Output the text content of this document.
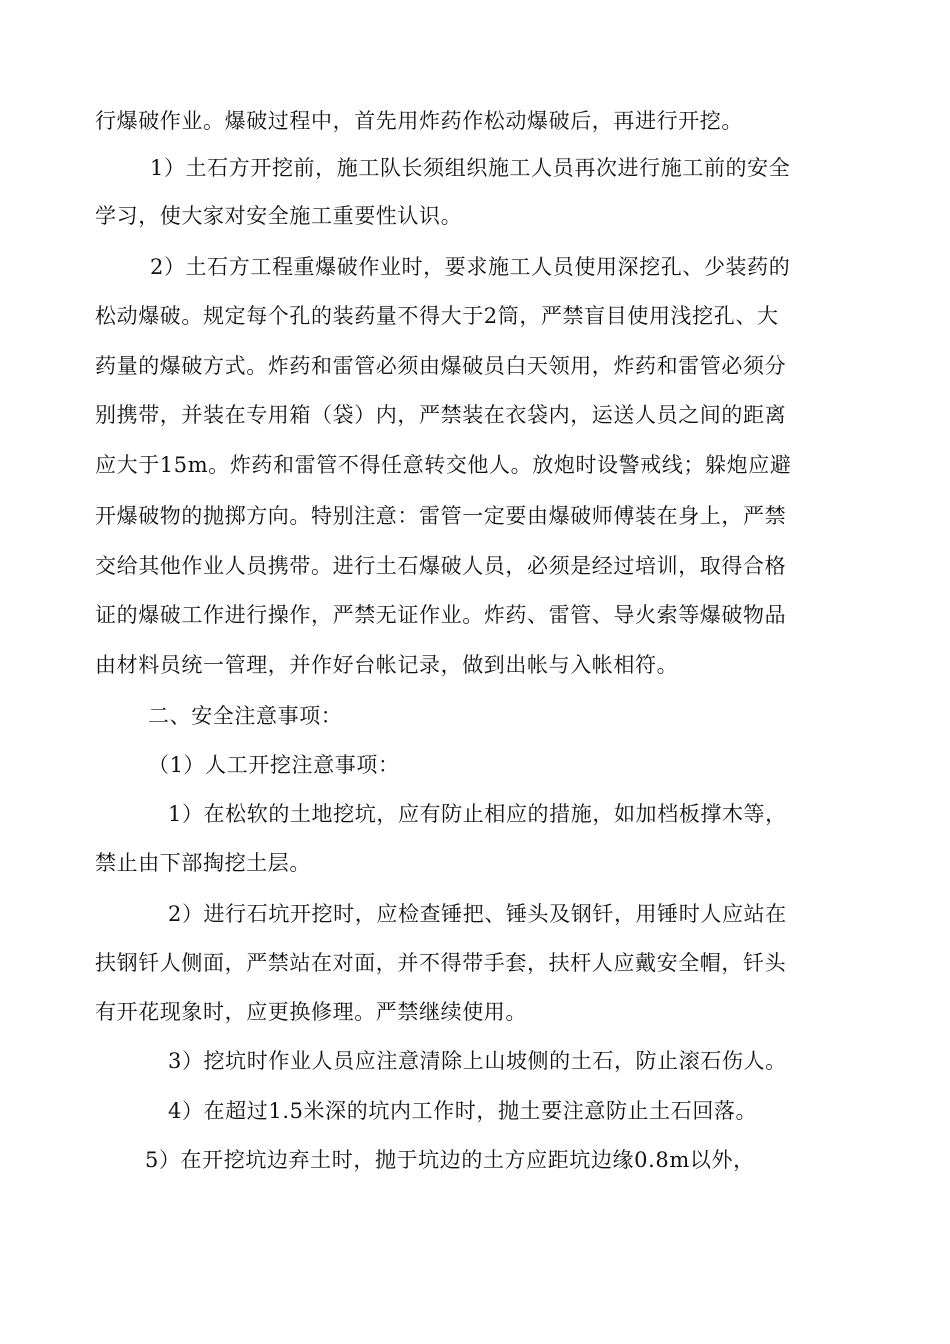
行爆破作业。爆破过程中，首先用炸药作松动爆破后，再进行开挖。
1）土石方开挖前，施工队长须组织施工人员再次进行施工前的安全
学习，使大家对安全施工重要性认识。
2）土石方工程重爆破作业时，要求施工人员使用深挖孔、少装药的
松动爆破。规定每个孔的装药量不得大于2筒，严禁盲目使用浅挖孔、大
药量的爆破方式。炸药和雷管必须由爆破员白天领用，炸药和雷管必须分
别携带，并装在专用箱（袋）内，严禁装在衣袋内，运送人员之间的距离
应大于15m。炸药和雷管不得任意转交他人。放炮时设警戒线；躲炮应避
开爆破物的抛掷方向。特别注意：雷管一定要由爆破师傅装在身上，严禁
交给其他作业人员携带。进行土石爆破人员，必须是经过培训，取得合格
证的爆破工作进行操作，严禁无证作业。炸药、雷管、导火索等爆破物品
由材料员统一管理，并作好台帐记录，做到出帐与入帐相符。
二、安全注意事项：
（1）人工开挖注意事项：
1）在松软的土地挖坑，应有防止相应的措施，如加档板撑木等，
禁止由下部掏挖土层。
2）进行石坑开挖时，应检查锤把、锤头及钢钎，用锤时人应站在
扶钢钎人侧面，严禁站在对面，并不得带手套，扶杆人应戴安全帽，钎头
有开花现象时，应更换修理。严禁继续使用。
3）挖坑时作业人员应注意清除上山坡侧的土石，防止滚石伤人。
4）在超过1.5米深的坑内工作时，抛土要注意防止土石回落。
5）在开挖坑边弃土时，抛于坑边的土方应距坑边缘0.8m以外，
